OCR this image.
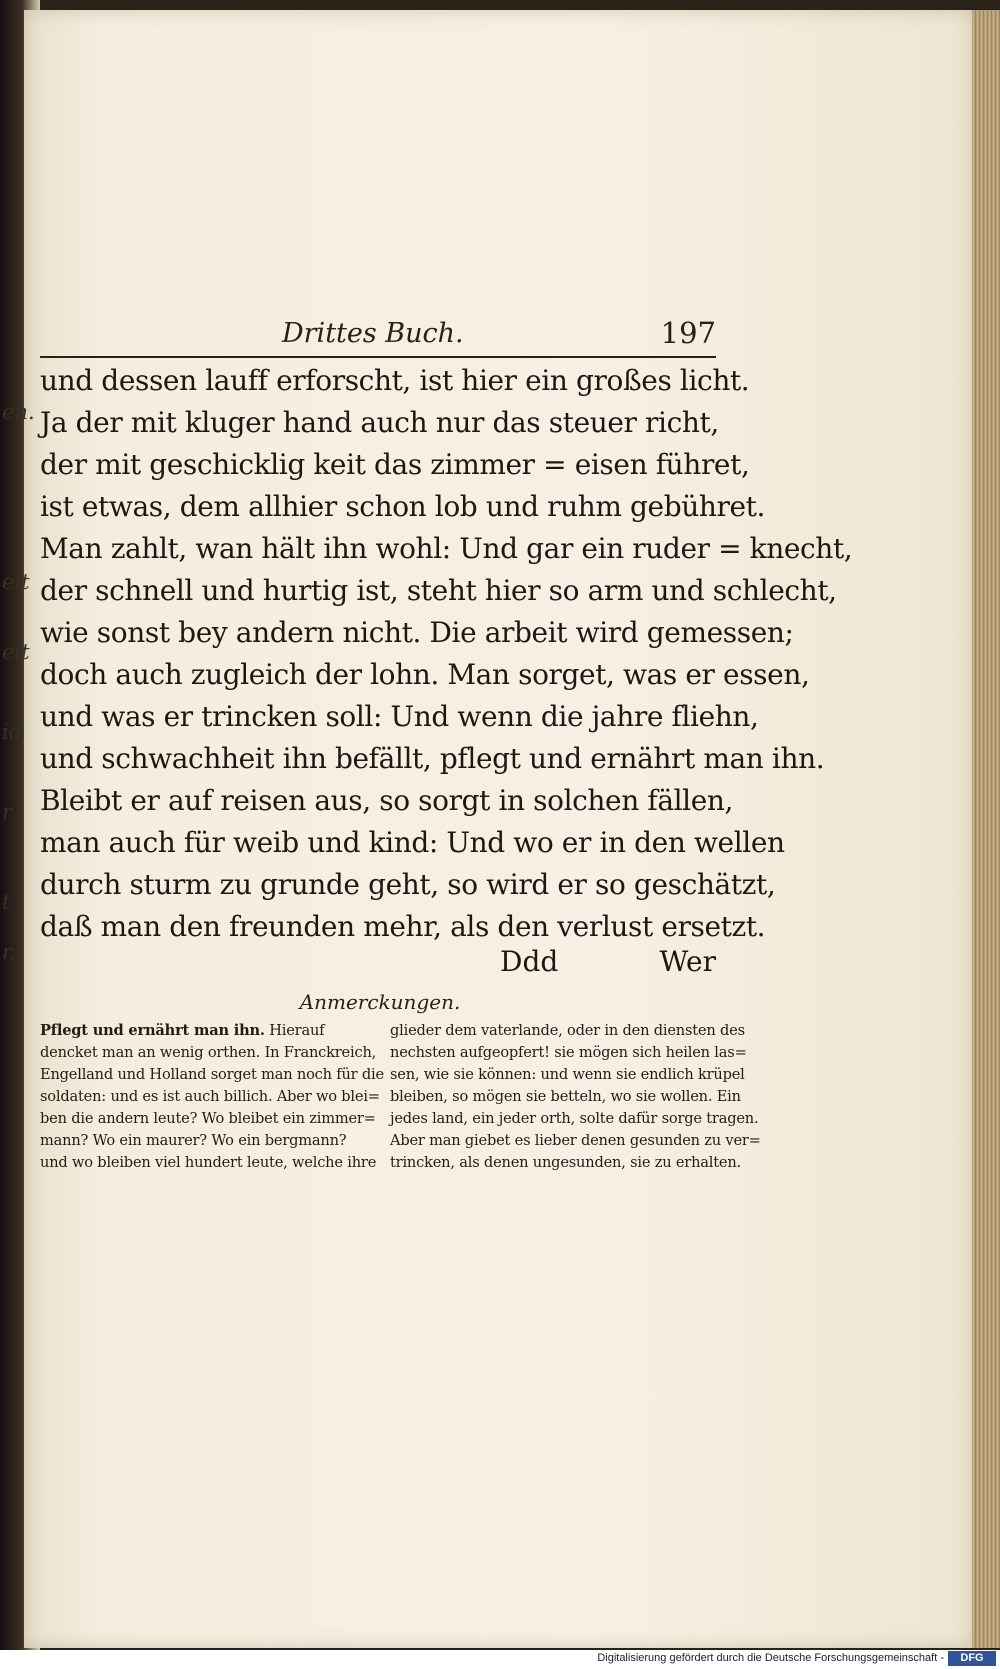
en.
elt
eit
id
r
t
r,
Drittes Buch.	197
und dessen lauff erforscht, ist hier ein großes licht.
Ja der mit kluger hand auch nur das steuer richt,
der mit geschicklig keit das zimmer = eisen führet,
ist etwas, dem allhier schon lob und ruhm gebühret.
Man zahlt, wan hält ihn wohl: Und gar ein ruder = knecht,
der schnell und hurtig ist, steht hier so arm und schlecht,
wie sonst bey andern nicht. Die arbeit wird gemessen;
doch auch zugleich der lohn. Man sorget, was er essen,
und was er trincken soll: Und wenn die jahre fliehn,
und schwachheit ihn befällt, pflegt und ernährt man ihn.
Bleibt er auf reisen aus, so sorgt in solchen fällen,
man auch für weib und kind: Und wo er in den wellen
durch sturm zu grunde geht, so wird er so geschätzt,
daß man den freunden mehr, als den verlust ersetzt.
Ddd	Wer
Anmerckungen.
Pflegt und ernährt man ihn. Hierauf
dencket man an wenig orthen. In Franckreich,
Engelland und Holland sorget man noch für die
soldaten: und es ist auch billich. Aber wo blei=
ben die andern leute? Wo bleibet ein zimmer=
mann? Wo ein maurer? Wo ein bergmann?
und wo bleiben viel hundert leute, welche ihre
glieder dem vaterlande, oder in den diensten des
nechsten aufgeopfert! sie mögen sich heilen las=
sen, wie sie können: und wenn sie endlich krüpel
bleiben, so mögen sie betteln, wo sie wollen. Ein
jedes land, ein jeder orth, solte dafür sorge tragen.
Aber man giebet es lieber denen gesunden zu ver=
trincken, als denen ungesunden, sie zu erhalten.
Digitalisierung gefördert durch die Deutsche Forschungsgemeinschaft -	DFG
